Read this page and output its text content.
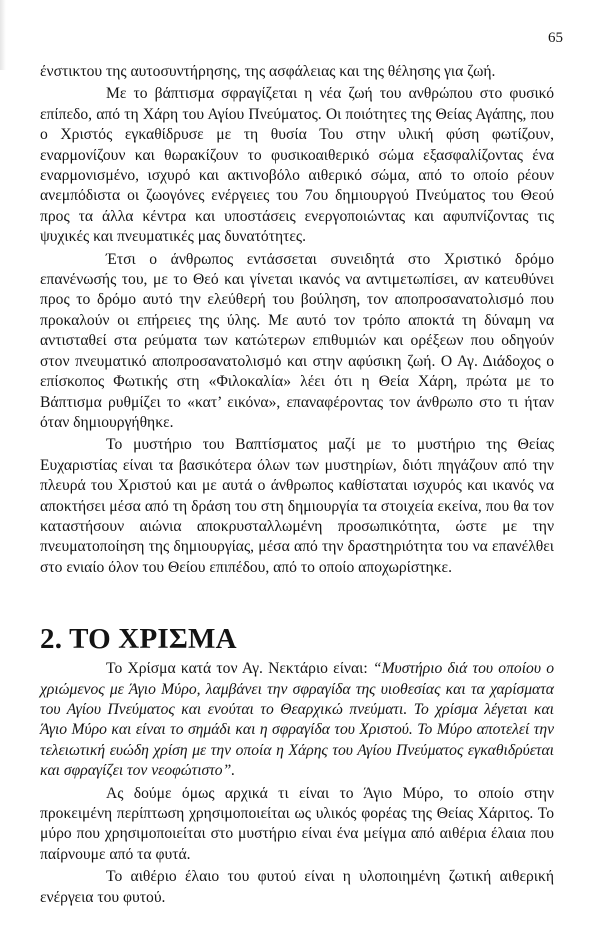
65

ένστικτου της αυτοσυντήρησης, της ασφάλειας και της θέλησης για ζωή.

Με το βάπτισμα σφραγίζεται η νέα ζωή του ανθρώπου στο φυσικό επίπεδο, από τη Χάρη του Αγίου Πνεύματος. Οι ποιότητες της Θείας Αγάπης, που ο Χριστός εγκαθίδρυσε με τη θυσία Του στην υλική φύση φωτίζουν, εναρμονίζουν και θωρακίζουν το φυσικοαιθερικό σώμα εξασφαλίζοντας ένα εναρμονισμένο, ισχυρό και ακτινοβόλο αιθερικό σώμα, από το οποίο ρέουν ανεμπόδιστα οι ζωογόνες ενέργειες του 7ου δημιουργού Πνεύματος του Θεού προς τα άλλα κέντρα και υποστάσεις ενεργοποιώντας και αφυπνίζοντας τις ψυχικές και πνευματικές μας δυνατότητες.

Έτσι ο άνθρωπος εντάσσεται συνειδητά στο Χριστικό δρόμο επανένωσής του, με το Θεό και γίνεται ικανός να αντιμετωπίσει, αν κατευθύνει προς το δρόμο αυτό την ελεύθερή του βούληση, τον αποπροσανατολισμό που προκαλούν οι επήρειες της ύλης. Με αυτό τον τρόπο αποκτά τη δύναμη να αντισταθεί στα ρεύματα των κατώτερων επιθυμιών και ορέξεων που οδηγούν στον πνευματικό αποπροσανατολισμό και στην αφύσικη ζωή. Ο Αγ. Διάδοχος ο επίσκοπος Φωτικής στη «Φιλοκαλία» λέει ότι η Θεία Χάρη, πρώτα με το Βάπτισμα ρυθμίζει το «κατ’ εικόνα», επαναφέροντας τον άνθρωπο στο τι ήταν όταν δημιουργήθηκε.

Το μυστήριο του Βαπτίσματος μαζί με το μυστήριο της Θείας Ευχαριστίας είναι τα βασικότερα όλων των μυστηρίων, διότι πηγάζουν από την πλευρά του Χριστού και με αυτά ο άνθρωπος καθίσταται ισχυρός και ικανός να αποκτήσει μέσα από τη δράση του στη δημιουργία τα στοιχεία εκείνα, που θα τον καταστήσουν αιώνια αποκρυσταλλωμένη προσωπικότητα, ώστε με την πνευματοποίηση της δημιουργίας, μέσα από την δραστηριότητα του να επανέλθει στο ενιαίο όλον του Θείου επιπέδου, από το οποίο αποχωρίστηκε.

2. ΤΟ ΧΡΙΣΜΑ

Το Χρίσμα κατά τον Αγ. Νεκτάριο είναι: “Μυστήριο διά του οποίου ο χριώμενος με Άγιο Μύρο, λαμβάνει την σφραγίδα της υιοθεσίας και τα χαρίσματα του Αγίου Πνεύματος και ενούται το Θεαρχικώ πνεύματι. Το χρίσμα λέγεται και Άγιο Μύρο και είναι το σημάδι και η σφραγίδα του Χριστού. Το Μύρο αποτελεί την τελειωτική ευώδη χρίση με την οποία η Χάρης του Αγίου Πνεύματος εγκαθιδρύεται και σφραγίζει τον νεοφώτιστο”.

Ας δούμε όμως αρχικά τι είναι το Άγιο Μύρο, το οποίο στην προκειμένη περίπτωση χρησιμοποιείται ως υλικός φορέας της Θείας Χάριτος. Το μύρο που χρησιμοποιείται στο μυστήριο είναι ένα μείγμα από αιθέρια έλαια που παίρνουμε από τα φυτά.

Το αιθέριο έλαιο του φυτού είναι η υλοποιημένη ζωτική αιθερική ενέργεια του φυτού.
